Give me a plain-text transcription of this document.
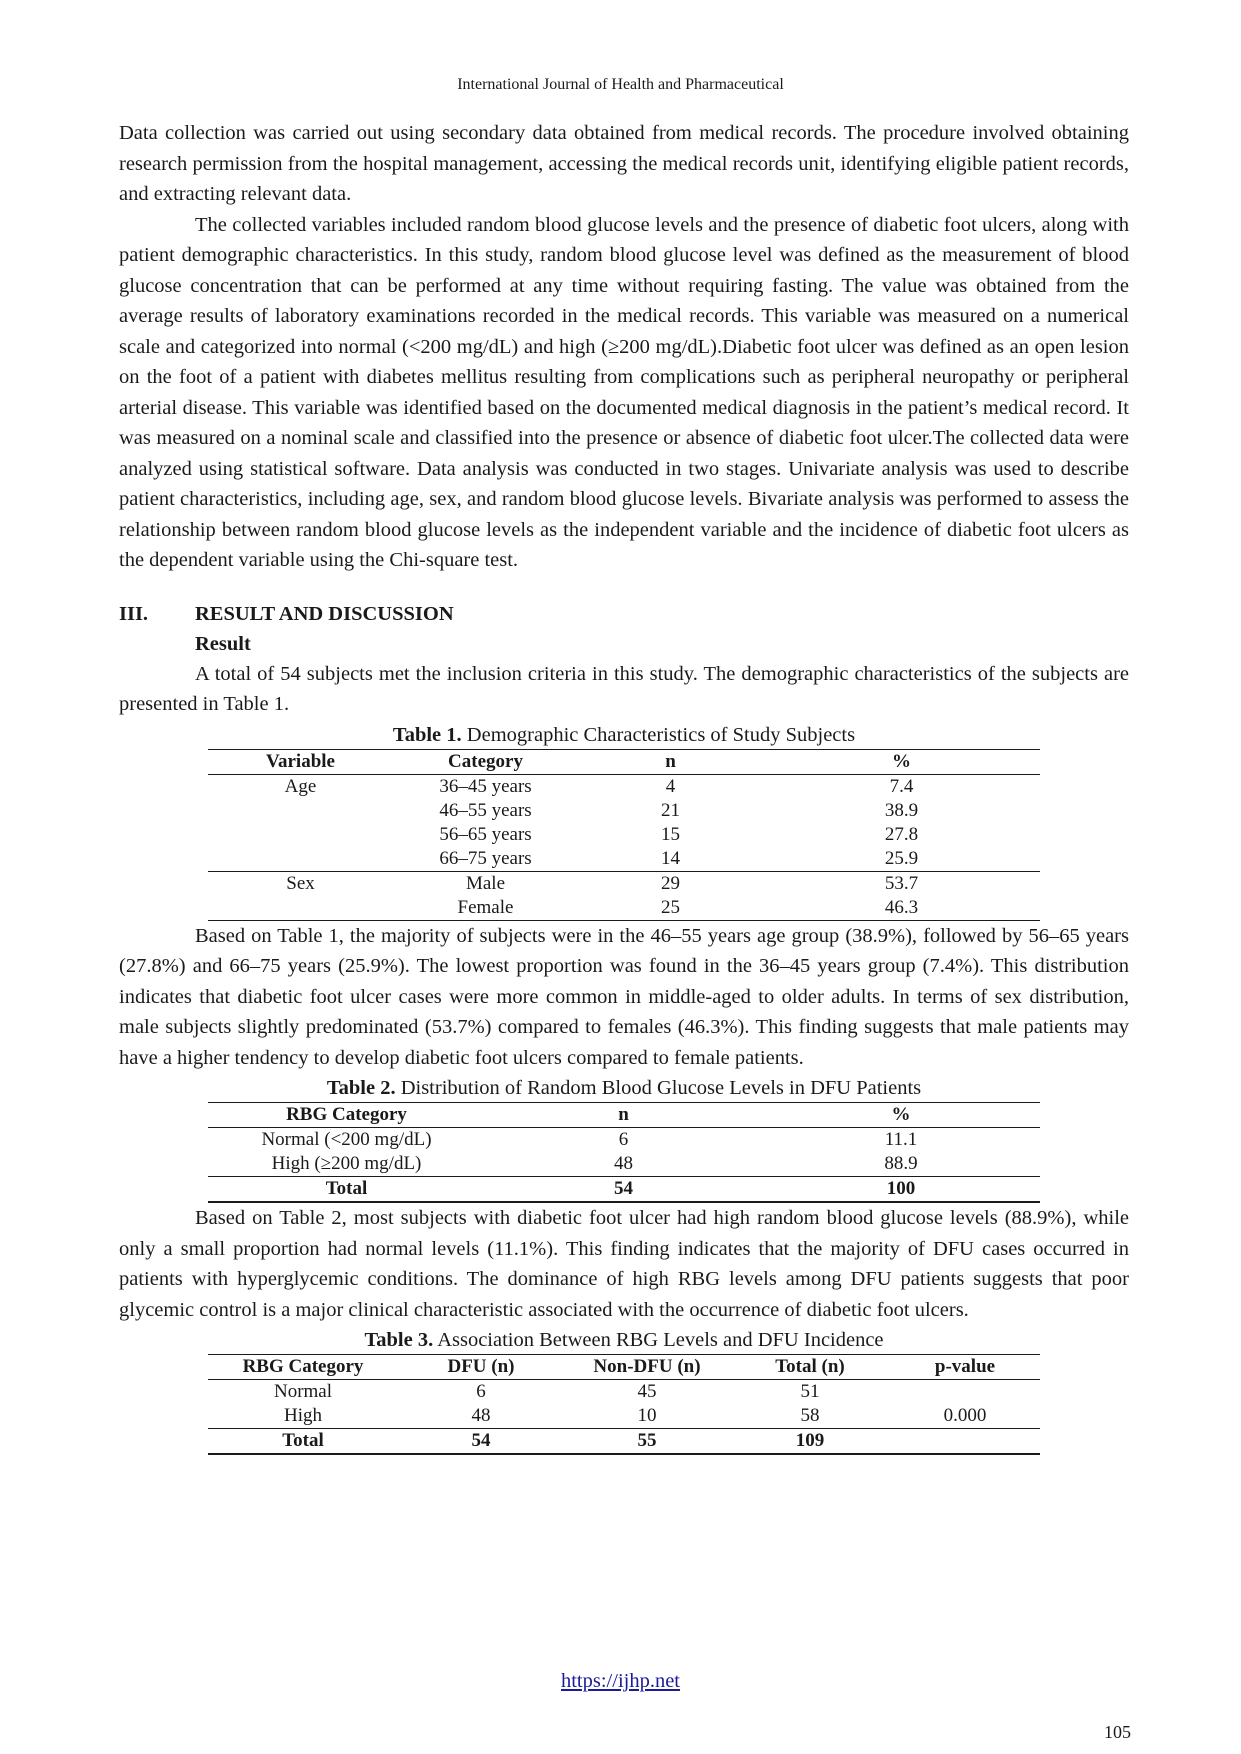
International Journal of Health and Pharmaceutical

Data collection was carried out using secondary data obtained from medical records. The procedure involved obtaining research permission from the hospital management, accessing the medical records unit, identifying eligible patient records, and extracting relevant data.

The collected variables included random blood glucose levels and the presence of diabetic foot ulcers, along with patient demographic characteristics. In this study, random blood glucose level was defined as the measurement of blood glucose concentration that can be performed at any time without requiring fasting. The value was obtained from the average results of laboratory examinations recorded in the medical records. This variable was measured on a numerical scale and categorized into normal (<200 mg/dL) and high (≥200 mg/dL).Diabetic foot ulcer was defined as an open lesion on the foot of a patient with diabetes mellitus resulting from complications such as peripheral neuropathy or peripheral arterial disease. This variable was identified based on the documented medical diagnosis in the patient’s medical record. It was measured on a nominal scale and classified into the presence or absence of diabetic foot ulcer.The collected data were analyzed using statistical software. Data analysis was conducted in two stages. Univariate analysis was used to describe patient characteristics, including age, sex, and random blood glucose levels. Bivariate analysis was performed to assess the relationship between random blood glucose levels as the independent variable and the incidence of diabetic foot ulcers as the dependent variable using the Chi-square test.

III.	RESULT AND DISCUSSION
Result

A total of 54 subjects met the inclusion criteria in this study. The demographic characteristics of the subjects are presented in Table 1.

Table 1. Demographic Characteristics of Study Subjects
Variable	Category	n	%
Age	36–45 years	4	7.4
	46–55 years	21	38.9
	56–65 years	15	27.8
	66–75 years	14	25.9
Sex	Male	29	53.7
	Female	25	46.3

Based on Table 1, the majority of subjects were in the 46–55 years age group (38.9%), followed by 56–65 years (27.8%) and 66–75 years (25.9%). The lowest proportion was found in the 36–45 years group (7.4%). This distribution indicates that diabetic foot ulcer cases were more common in middle-aged to older adults. In terms of sex distribution, male subjects slightly predominated (53.7%) compared to females (46.3%). This finding suggests that male patients may have a higher tendency to develop diabetic foot ulcers compared to female patients.

Table 2. Distribution of Random Blood Glucose Levels in DFU Patients
RBG Category	n	%
Normal (<200 mg/dL)	6	11.1
High (≥200 mg/dL)	48	88.9
Total	54	100

Based on Table 2, most subjects with diabetic foot ulcer had high random blood glucose levels (88.9%), while only a small proportion had normal levels (11.1%). This finding indicates that the majority of DFU cases occurred in patients with hyperglycemic conditions. The dominance of high RBG levels among DFU patients suggests that poor glycemic control is a major clinical characteristic associated with the occurrence of diabetic foot ulcers.

Table 3. Association Between RBG Levels and DFU Incidence
RBG Category	DFU (n)	Non-DFU (n)	Total (n)	p-value
Normal	6	45	51	
High	48	10	58	0.000
Total	54	55	109	
https://ijhp.net
105
